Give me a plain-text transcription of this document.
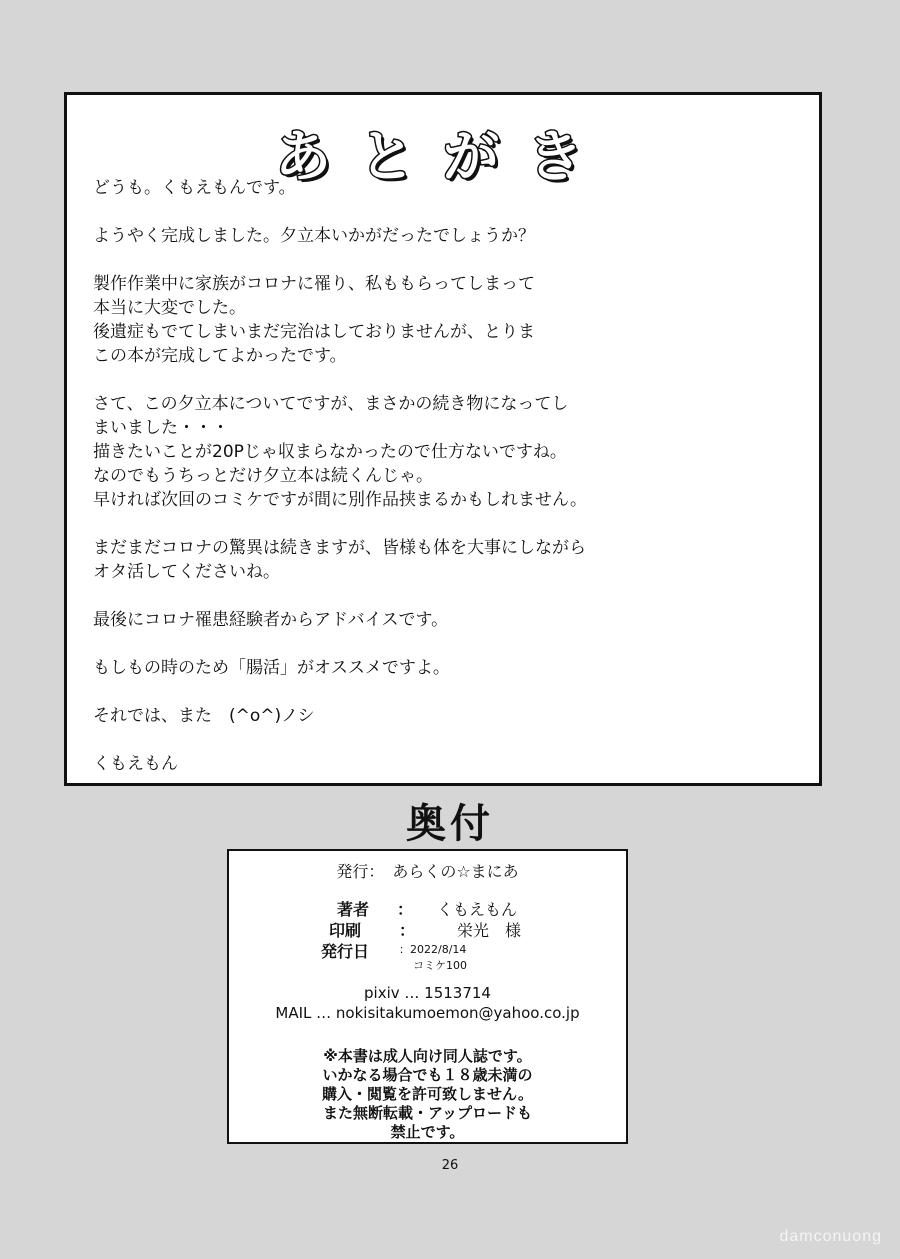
あとがき

どうも。くもえもんです。

ようやく完成しました。夕立本いかがだったでしょうか？

製作作業中に家族がコロナに罹り、私ももらってしまって
本当に大変でした。
後遺症もでてしまいまだ完治はしておりませんが、とりま
この本が完成してよかったです。

さて、この夕立本についてですが、まさかの続き物になってし
まいました・・・
描きたいことが20Pじゃ収まらなかったので仕方ないですね。
なのでもうちっとだけ夕立本は続くんじゃ。
早ければ次回のコミケですが間に別作品挟まるかもしれません。

まだまだコロナの驚異は続きますが、皆様も体を大事にしながら
オタ活してくださいね。

最後にコロナ罹患経験者からアドバイスです。

もしもの時のため「腸活」がオススメですよ。

それでは、また　(^o^)ノシ

くもえもん

奥付
発行：　あらくの☆まにあ
著者 ： くもえもん
印刷 ：	栄光　様
発行日	：2022/8/14
コミケ100
pixiv … 1513714
MAIL … nokisitakumoemon@yahoo.co.jp
※本書は成人向け同人誌です。
いかなる場合でも１８歳未満の
購入・閲覧を許可致しません。
また無断転載・アップロードも
禁止です。
26
damconuong
